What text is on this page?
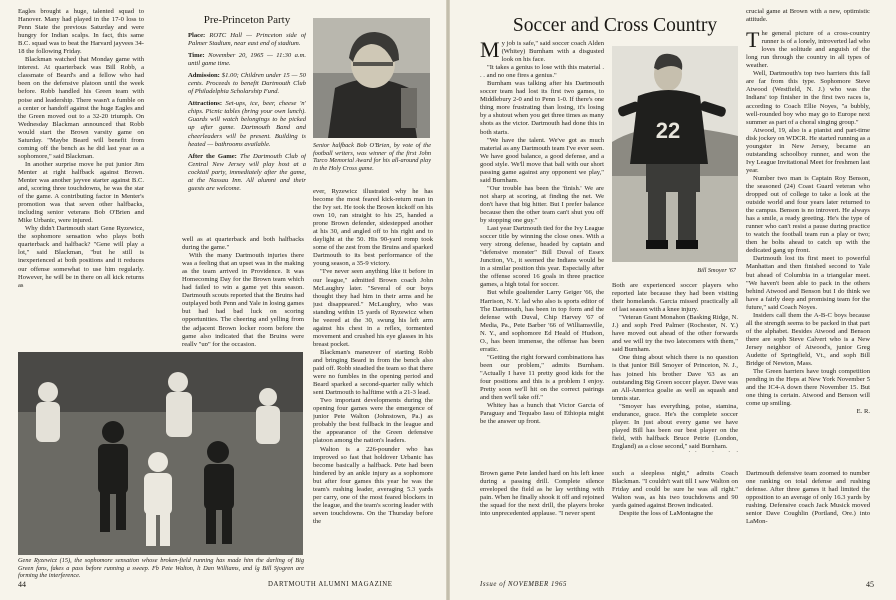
Eagles brought a huge, talented squad to Hanover. Many had played in the 17-0 loss to Penn State the previous Saturday and were hungry for Indian scalps. In fact, this same B.C. squad was to beat the Harvard jayvees 34-18 the following Friday.

Blackman watched that Monday game with interest. At quarterback was Bill Robb, a classmate of Beard's and a fellow who had been on the defensive platoon until the week before. Robb handled his Green team with poise and leadership. There wasn't a fumble on a center or handoff against the huge Eagles and the Green moved out to a 32-20 triumph. On Wednesday Blackman announced that Robb would start the Brown varsity game on Saturday. "Maybe Beard will benefit from coming off the bench as he did last year as a sophomore," said Blackman.

In another surprise move he put junior Jim Menter at right halfback against Brown. Menter was another jayvee starter against B.C. and, scoring three touchdowns, he was the star of the game. A contributing factor in Menter's promotion was that seven other halfbacks, including senior veterans Bob O'Brien and Mike Urbanic, were injured.

Why didn't Dartmouth start Gene Ryzewicz, the sophomore sensation who plays both quarterback and halfback? "Gene will play a lot," said Blackman, "but he still is inexperienced at both positions and it reduces our offense somewhat to use him regularly. However, he will be in there on all kick returns as

Pre-Princeton Party

Place: ROTC Hall — Princeton side of Palmer Stadium, near east end of stadium.

Time: November 20, 1965 — 11:30 a.m. until game time.

Admission: $1.00; Children under 15 — 50 cents. Proceeds to benefit Dartmouth Club of Philadelphia Scholarship Fund.

Attractions: Set-ups, ice, beer, cheese 'n' chips. Picnic tables (bring your own lunch). Guards will watch belongings to be picked up after game. Dartmouth Band and cheerleaders will be present. Building is heated — bathrooms available.

After the Game: The Dartmouth Club of Central New Jersey will play host at a cocktail party, immediately after the game, at the Nassau Inn. All alumni and their guests are welcome.

Senior halfback Bob O'Brien, by vote of the football writers, was winner of the first John Turco Memorial Award for his all-around play in the Holy Cross game.

well as at quarterback and both halfbacks during the game."

With the many Dartmouth injuries there was a feeling that an upset was in the making as the team arrived in Providence. It was Homecoming Day for the Brown team which had failed to win a game yet this season. Dartmouth scouts reported that the Bruins had outplayed both Penn and Yale in losing games but had had bad luck on scoring opportunities. The cheering and yelling from the adjacent Brown locker room before the game also indicated that the Bruins were really "up" for the occasion.

ever, Ryzewicz illustrated why he has become the most feared kick-return man in the Ivy set. He took the Brown kickoff on his own 10, ran straight to his 25, handed a prone Brown defender, sidestepped another at his 30, and angled off to his right and to daylight at the 50. His 90-yard romp took some of the zest from the Bruins and sparked Dartmouth to its best performance of the young season, a 35-9 victory.

"I've never seen anything like it before in our league," admitted Brown coach John McLaughry later. "Several of our boys thought they had him in their arms and he just disappeared." McLaughry, who was standing within 15 yards of Ryzewicz when he veered at the 30, swung his left arm against his chest in a reflex, tormented movement and crushed his eye glasses in his breast pocket.

Blackman's maneuver of starting Robb and bringing Beard in from the bench also paid off. Robb steadied the team so that there were no fumbles in the opening period and Beard sparked a second-quarter rally which sent Dartmouth to halftime with a 21-3 lead.

Two important developments during the opening four games were the emergence of junior Pete Walton (Johnstown, Pa.) as probably the best fullback in the league and the appearance of the Green defensive platoon among the nation's leaders.

Walton is a 226-pounder who has improved so fast that holdover Urbanic has become basically a halfback. Pete had been hindered by an ankle injury as a sophomore but after four games this year he was the team's rushing leader, averaging 5.3 yards per carry, one of the most feared blockers in the league, and the team's scoring leader with seven touchdowns. On the Thursday before the

Gene Ryzewicz (15), the sophomore sensation whose broken-field running has made him the darling of Big Green fans, fakes a pass before running a sweep. Fb Pete Walton, lt Dan Williams, and lg Bill Sjogren are forming the interference.
44	DARTMOUTH ALUMNI MAGAZINE
Soccer and Cross Country

My job is safe," said soccer coach Alden (Whitey) Burnham with a disgusted look on his face.

"It takes a genius to lose with this material . . . and no one fires a genius."

Burnham was talking after his Dartmouth soccer team had lost its first two games, to Middlebury 2-0 and to Penn 1-0. If there's one thing more frustrating than losing, it's losing by a shutout when you get three times as many shots as the victor. Dartmouth had done this in both starts.

"We have the talent. We've got as much material as any Dartmouth team I've ever seen. We have good balance, a good defense, and a good style. We'll move that ball with our short passing game against any opponent we play," said Burnham.

"Our trouble has been the 'finish.' We are not sharp at scoring, at finding the net. We don't have that big hitter. But I prefer balance because then the other team can't shut you off by stopping one guy."

Last year Dartmouth tied for the Ivy League soccer title by winning the close ones. With a very strong defense, headed by captain and "defensive monster" Bill Duval of Essex Junction, Vt., it seemed the Indians would be in a similar position this year. Especially after the offense scored 16 goals in three practice games, a high total for soccer.

But while goaltender Larry Geiger '66, the Harrison, N. Y. lad who also is sports editor of The Dartmouth, has been in top form and the defense with Duval, Chip Harvey '67 of Media, Pa., Pete Barber '66 of Williamsville, N. Y., and sophomore Ed Heald of Hudson, O., has been immense, the offense has been erratic.

"Getting the right forward combinations has been our problem," admits Burnham. "Actually I have 11 pretty good kids for the four positions and this is a problem I enjoy. Pretty soon we'll hit on the correct pairings and then we'll take off."

Whitey has a hunch that Victor Garcia of Paraguay and Tequabo Iasu of Ethiopia might be the answer up front.

22
Bill Smoyer '67

Both are experienced soccer players who reported late because they had been visiting their homelands. Garcia missed practically all of last season with a knee injury.

"Veteran Grant Monahon (Basking Ridge, N. J.) and soph Fred Palmer (Rochester, N. Y.) have moved out ahead of the other forwards and we will try the two latecomers with them," said Burnham.

One thing about which there is no question is that junior Bill Smoyer of Princeton, N. J., has joined his brother Dave '63 as an outstanding Big Green soccer player. Dave was an All-America goalie as well as squash and tennis star.

"Smoyer has everything, poise, stamina, endurance, grace. He's the complete soccer player. In just about every game we have played Bill has been our best player on the field, with halfback Bruce Petrie (London, England) as a close second," said Burnham.

crucial game at Brown with a new, optimistic attitude.

The general picture of a cross-country runner is of a lonely, introverted lad who loves the solitude and anguish of the long run through the country in all types of weather.

Well, Dartmouth's top two harriers this fall are far from this type. Sophomore Steve Atwood (Westfield, N. J.) who was the Indians' top finisher in the first two races is, according to Coach Ellie Noyes, "a bubbly, well-rounded boy who may go to Europe next summer as part of a choral singing group."

Atwood, 19, also is a pianist and part-time disk jockey on WDCR. He started running as a youngster in New Jersey, became an outstanding schoolboy runner, and won the Ivy League Invitational Meet for freshmen last year.

Number two man is Captain Roy Benson, the seasoned (24) Coast Guard veteran who dropped out of college to take a look at the outside world and four years later returned to the campus. Benson is no introvert. He always has a smile, a ready greeting. He's the type of runner who can't resist a pause during practice to watch the football team run a play or two; then he bolts ahead to catch up with the dedicated gang up front.

Dartmouth lost its first meet to powerful Manhattan and then finished second to Yale but ahead of Columbia in a triangular meet. "We haven't been able to pack in the others behind Atwood and Benson but I do think we have a fairly deep and promising team for the future," said Coach Noyes.

Insiders call them the A-B-C boys because all the strength seems to be packed in that part of the alphabet. Besides Atwood and Benson there are soph Steve Calvert who is a New Jersey neighbor of Atwood's, junior Greg Audette of Springfield, Vt., and soph Bill Bridge of Newton, Mass.

The Green harriers have tough competition pending in the Heps at New York November 5 and the IC4-A down there November 15. But one thing is certain. Atwood and Benson will come up smiling.

E. R.

Brown game Pete landed hard on his left knee during a passing drill. Complete silence enveloped the field as he lay writhing with pain. When he finally shook it off and rejoined the squad for the next drill, the players broke into unprecedented applause. "I never spent

such a sleepless night," admits Coach Blackman. "I couldn't wait till I saw Walton on Friday and could be sure he was all right." Walton was, as his two touchdowns and 90 yards gained against Brown indicated.

Despite the loss of LaMontagne the

Dartmouth defensive team zoomed to number one ranking on total defense and rushing defense. After three games it had limited the opposition to an average of only 16.3 yards by rushing. Defensive coach Jack Musick moved senior Dave Coughlin (Portland, Ore.) into LaMon-

Issue of NOVEMBER 1965	45
